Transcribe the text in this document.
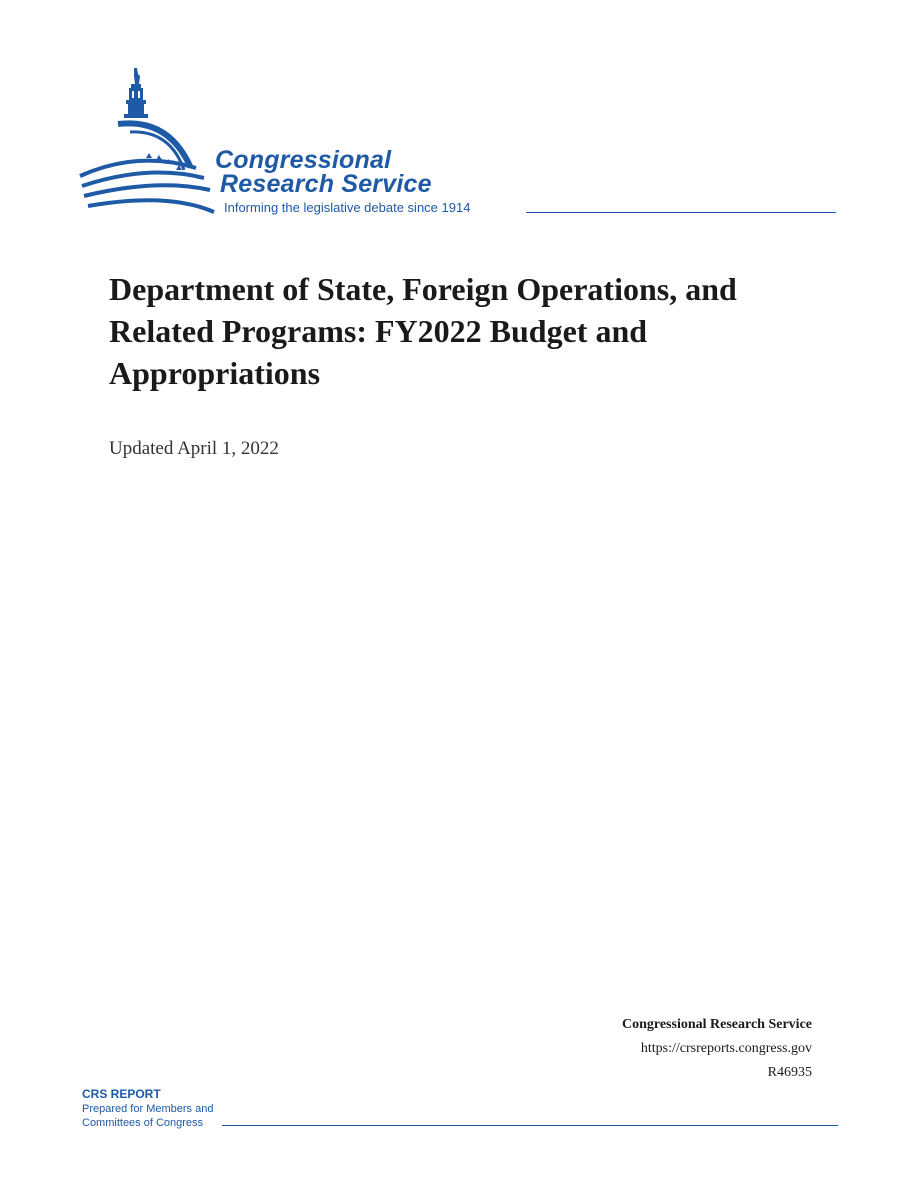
Congressional
Research Service
Informing the legislative debate since 1914
Department of State, Foreign Operations, and Related Programs: FY2022 Budget and Appropriations
Updated April 1, 2022
Congressional Research Service
https://crsreports.congress.gov
R46935
CRS REPORT
Prepared for Members and
Committees of Congress
